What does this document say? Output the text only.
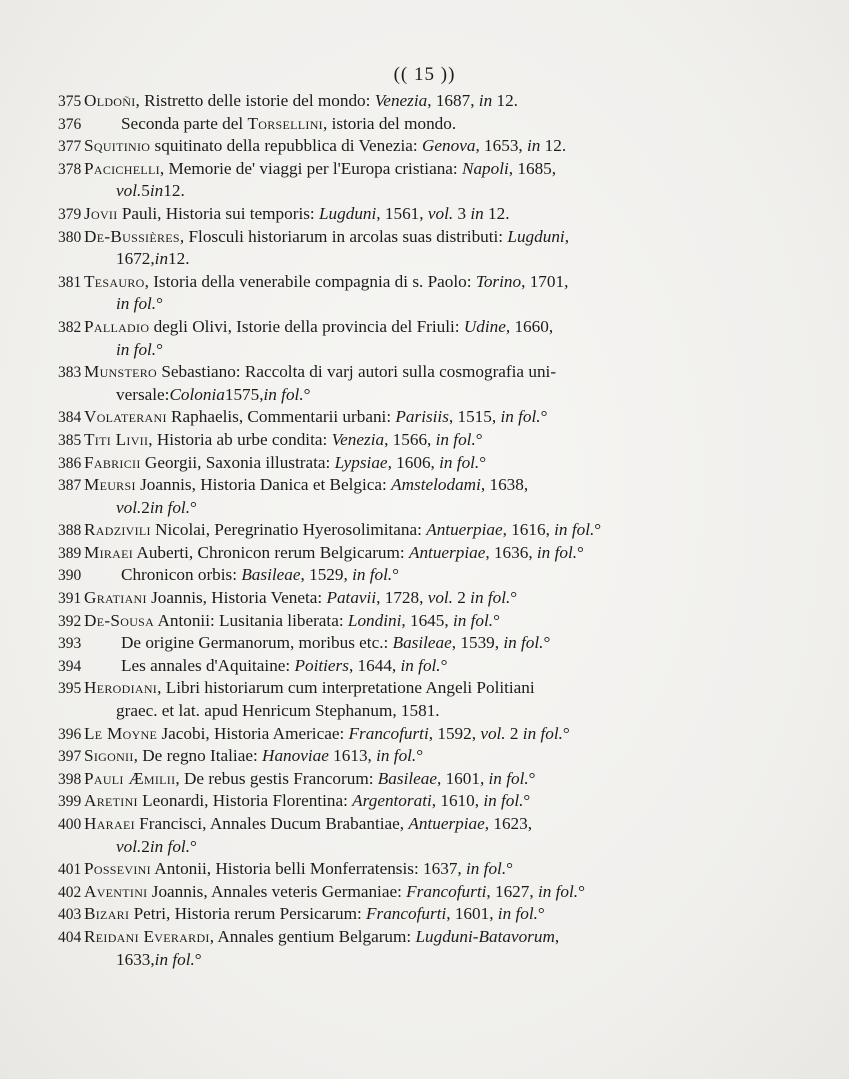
(( 15 ))
375 Oldoñi, Ristretto delle istorie del mondo: Venezia, 1687, in 12.
376	Seconda parte del Torsellini, istoria del mondo.
377 Squitinio squitinato della repubblica di Venezia: Genova, 1653, in 12.
378 Pacichelli, Memorie de' viaggi per l'Europa cristiana: Napoli, 1685,
vol. 5 in 12.
379 Jovii Pauli, Historia sui temporis: Lugduni, 1561, vol. 3 in 12.
380 De-Bussières, Flosculi historiarum in arcolas suas distributi: Lugduni,
1672, in 12.
381 Tesauro, Istoria della venerabile compagnia di s. Paolo: Torino, 1701,
in fol. °
382 Palladio degli Olivi, Istorie della provincia del Friuli: Udine, 1660,
in fol. °
383 Munstero Sebastiano: Raccolta di varj autori sulla cosmografia uni-
versale: Colonia 1575, in fol. °
384 Volaterani Raphaelis, Commentarii urbani: Parisiis, 1515, in fol.°
385 Titi Livii, Historia ab urbe condita: Venezia, 1566, in fol.°
386 Fabricii Georgii, Saxonia illustrata: Lypsiae, 1606, in fol.°
387 Meursi Joannis, Historia Danica et Belgica: Amstelodami, 1638,
vol. 2 in fol. °
388 Radzivili Nicolai, Peregrinatio Hyerosolimitana: Antuerpiae, 1616, in fol.°
389 Miraei Auberti, Chronicon rerum Belgicarum: Antuerpiae, 1636, in fol.°
390	Chronicon orbis: Basileae, 1529, in fol.°
391 Gratiani Joannis, Historia Veneta: Patavii, 1728, vol. 2 in fol.°
392 De-Sousa Antonii: Lusitania liberata: Londini, 1645, in fol.°
393	De origine Germanorum, moribus etc.: Basileae, 1539, in fol.°
394	Les annales d'Aquitaine: Poitiers, 1644, in fol.°
395 Herodiani, Libri historiarum cum interpretatione Angeli Politiani
graec. et lat. apud Henricum Stephanum, 1581.
396 Le Moyne Jacobi, Historia Americae: Francofurti, 1592, vol. 2 in fol.°
397 Sigonii, De regno Italiae: Hanoviae 1613, in fol.°
398 Pauli Æmilii, De rebus gestis Francorum: Basileae, 1601, in fol.°
399 Aretini Leonardi, Historia Florentina: Argentorati, 1610, in fol.°
400 Haraei Francisci, Annales Ducum Brabantiae, Antuerpiae, 1623,
vol. 2 in fol. °
401 Possevini Antonii, Historia belli Monferratensis: 1637, in fol.°
402 Aventini Joannis, Annales veteris Germaniae: Francofurti, 1627, in fol.°
403 Bizari Petri, Historia rerum Persicarum: Francofurti, 1601, in fol.°
404 Reidani Everardi, Annales gentium Belgarum: Lugduni-Batavorum,
1633, in fol. °
